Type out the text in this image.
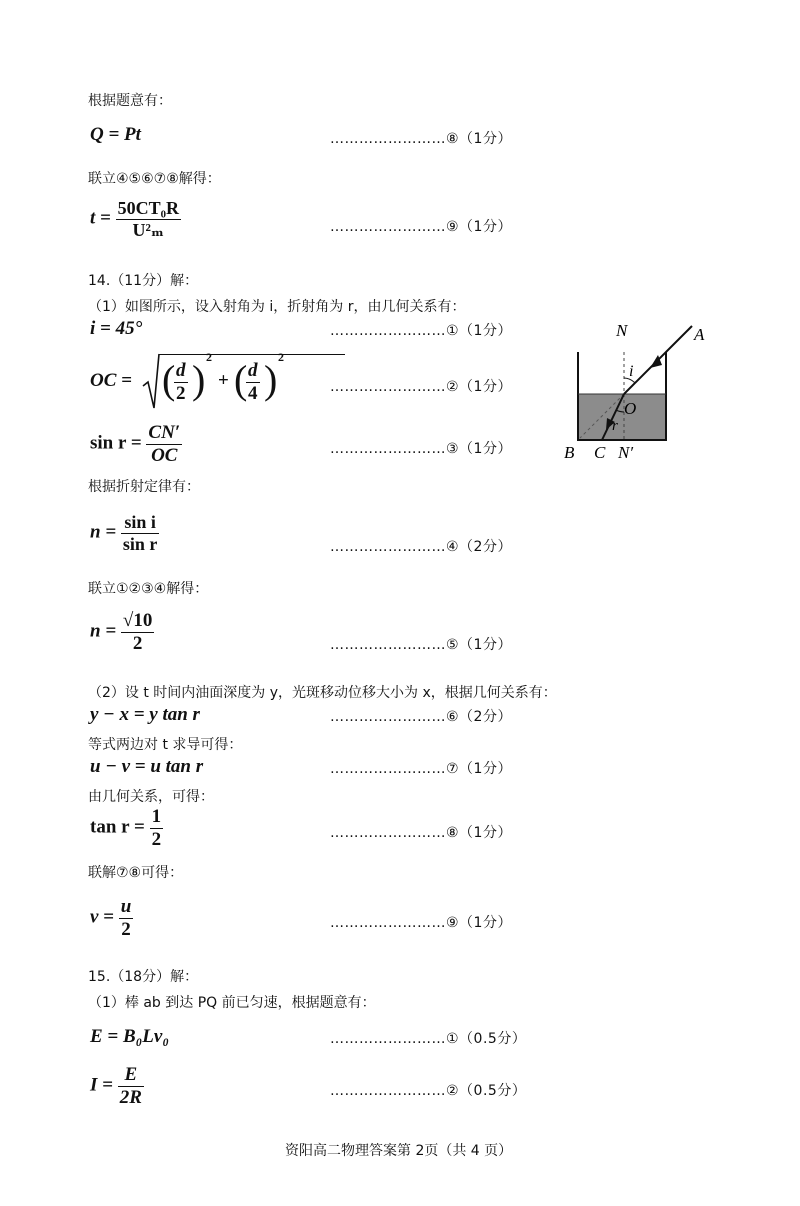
根据题意有：
Q = Pt	……………………⑧（1分）
联立④⑤⑥⑦⑧解得：
$t = \frac{\text{50CT₀R}}{\text{U²ₘ}}$	……………………⑨（1分）
14.（11分）解：
（1）如图所示，设入射角为 i，折射角为 r，由几何关系有：
i = 45°	……………………①（1分）
OC = (
$\frac{d}{2}$ ) 2
+ (
$\frac{d}{4}$ ) 2
……………………②（1分）
$\sin r = \frac{CN'}{OC}$	……………………③（1分）
根据折射定律有：
$n = \frac{\text{sin i}}{\text{sin r}}$	……………………④（2分）
联立①②③④解得：
$n = \frac{√10}{2}$	……………………⑤（1分）
（2）设 t 时间内油面深度为 y，光斑移动位移大小为 x，根据几何关系有：
y − x = y tan r	……………………⑥（2分）
等式两边对 t 求导可得：
u − v = u tan r	……………………⑦（1分）
由几何关系，可得：
$\tan r = \frac{1}{2}$	……………………⑧（1分）
联解⑦⑧可得：
$v = \frac{u}{2}$	……………………⑨（1分）
15.（18分）解：
（1）棒 ab 到达 PQ 前已匀速，根据题意有：
E = B₀Lv₀	……………………①（0.5分）
$I = \frac{E}{2R}$	……………………②（0.5分）
资阳高二物理答案第 2页（共 4 页）
N	A
i
O
r
B C N′
